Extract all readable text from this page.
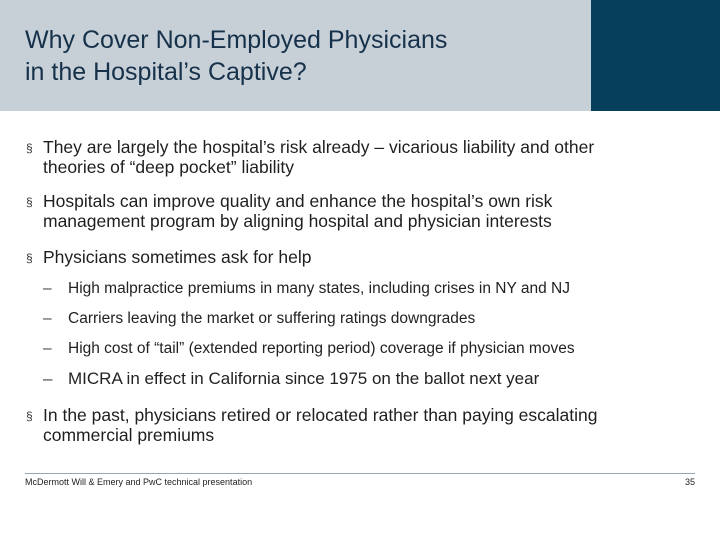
Why Cover Non-Employed Physicians
in the Hospital’s Captive?
§ They are largely the hospital’s risk already – vicarious liability and other
theories of “deep pocket” liability
§ Hospitals can improve quality and enhance the hospital’s own risk
management program by aligning hospital and physician interests
§ Physicians sometimes ask for help
– High malpractice premiums in many states, including crises in NY and NJ
– Carriers leaving the market or suffering ratings downgrades
– High cost of “tail” (extended reporting period) coverage if physician moves
– MICRA in effect in California since 1975 on the ballot next year
§ In the past, physicians retired or relocated rather than paying escalating
commercial premiums
McDermott Will & Emery and PwC technical presentation	35
